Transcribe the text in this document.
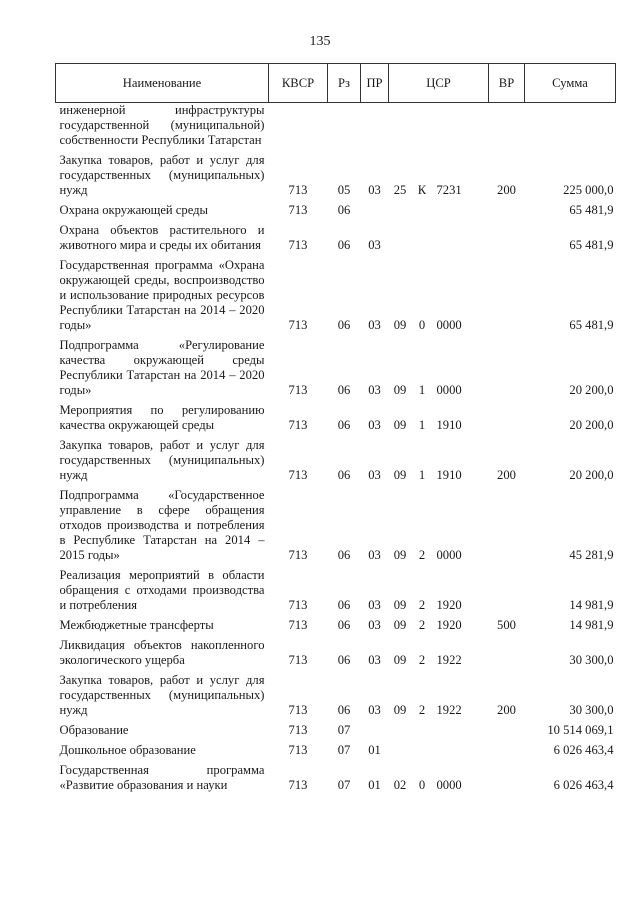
135
Наименование	КВСР	Рз	ПР	ЦСР			ВР	Сумма
инженерной инфраструктуры государственной (муниципальной) собственности Республики Татарстан								
Закупка товаров, работ и услуг для государственных (муниципальных) нужд	713	05	03	25	К	7231	200	225 000,0
Охрана окружающей среды	713	06						65 481,9
Охрана объектов растительного и животного мира и среды их обитания	713	06	03					65 481,9
Государственная программа «Охрана окружающей среды, воспроизводство и использование природных ресурсов Республики Татарстан на 2014 – 2020 годы»	713	06	03	09	0	0000		65 481,9
Подпрограмма «Регулирование качества окружающей среды Республики Татарстан на 2014 – 2020 годы»	713	06	03	09	1	0000		20 200,0
Мероприятия по регулированию качества окружающей среды	713	06	03	09	1	1910		20 200,0
Закупка товаров, работ и услуг для государственных (муниципальных) нужд	713	06	03	09	1	1910	200	20 200,0
Подпрограмма «Государственное управление в сфере обращения отходов производства и потребления в Республике Татарстан на 2014 – 2015 годы»	713	06	03	09	2	0000		45 281,9
Реализация мероприятий в области обращения с отходами производства и потребления	713	06	03	09	2	1920		14 981,9
Межбюджетные трансферты	713	06	03	09	2	1920	500	14 981,9
Ликвидация объектов накопленного экологического ущерба	713	06	03	09	2	1922		30 300,0
Закупка товаров, работ и услуг для государственных (муниципальных) нужд	713	06	03	09	2	1922	200	30 300,0
Образование	713	07						10 514 069,1
Дошкольное образование	713	07	01					6 026 463,4
Государственная программа «Развитие образования и науки	713	07	01	02	0	0000		6 026 463,4
